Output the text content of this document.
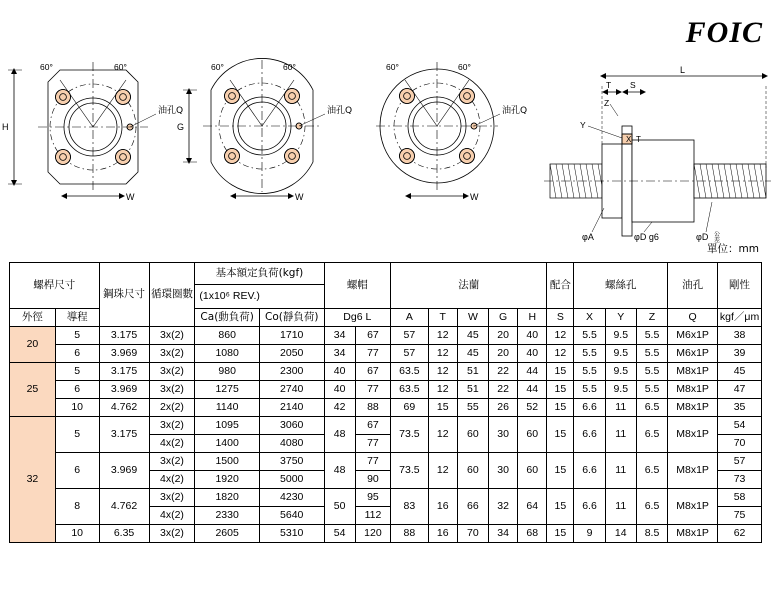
FOIC
60°	60°
H
W
油孔Q
60°	60°
G
W
油孔Q
60°	60°
W
油孔Q
L
T S
Z
Y
X T
φA	φD g6	φD 公
差
單位：mm
螺桿尺寸		鋼珠尺寸	循環圈數	基本額定負荷(kgf)		螺帽		法蘭					配合	螺絲孔			油孔	剛性
				(1x10⁶ REV.)														
外徑	導程			Ca(動負荷)	Co(靜負荷)	Dg6 L		A	T	W	G	H	S	X	Y	Z	Q	kgf／μm
20	5	3.175	3x(2)	860	1710	34	67	57	12	45	20	40	12	5.5	9.5	5.5	M6x1P	38
	6	3.969	3x(2)	1080	2050	34	77	57	12	45	20	40	12	5.5	9.5	5.5	M6x1P	39
25	5	3.175	3x(2)	980	2300	40	67	63.5	12	51	22	44	15	5.5	9.5	5.5	M8x1P	45
	6	3.969	3x(2)	1275	2740	40	77	63.5	12	51	22	44	15	5.5	9.5	5.5	M8x1P	47
	10	4.762	2x(2)	1140	2140	42	88	69	15	55	26	52	15	6.6	11	6.5	M8x1P	35
32	5	3.175	3x(2)	1095	3060	48	67	73.5	12	60	30	60	15	6.6	11	6.5	M8x1P	54
			4x(2)	1400	4080		77											70
	6	3.969	3x(2)	1500	3750	48	77	73.5	12	60	30	60	15	6.6	11	6.5	M8x1P	57
			4x(2)	1920	5000		90											73
	8	4.762	3x(2)	1820	4230	50	95	83	16	66	32	64	15	6.6	11	6.5	M8x1P	58
			4x(2)	2330	5640		112											75
	10	6.35	3x(2)	2605	5310	54	120	88	16	70	34	68	15	9	14	8.5	M8x1P	62
